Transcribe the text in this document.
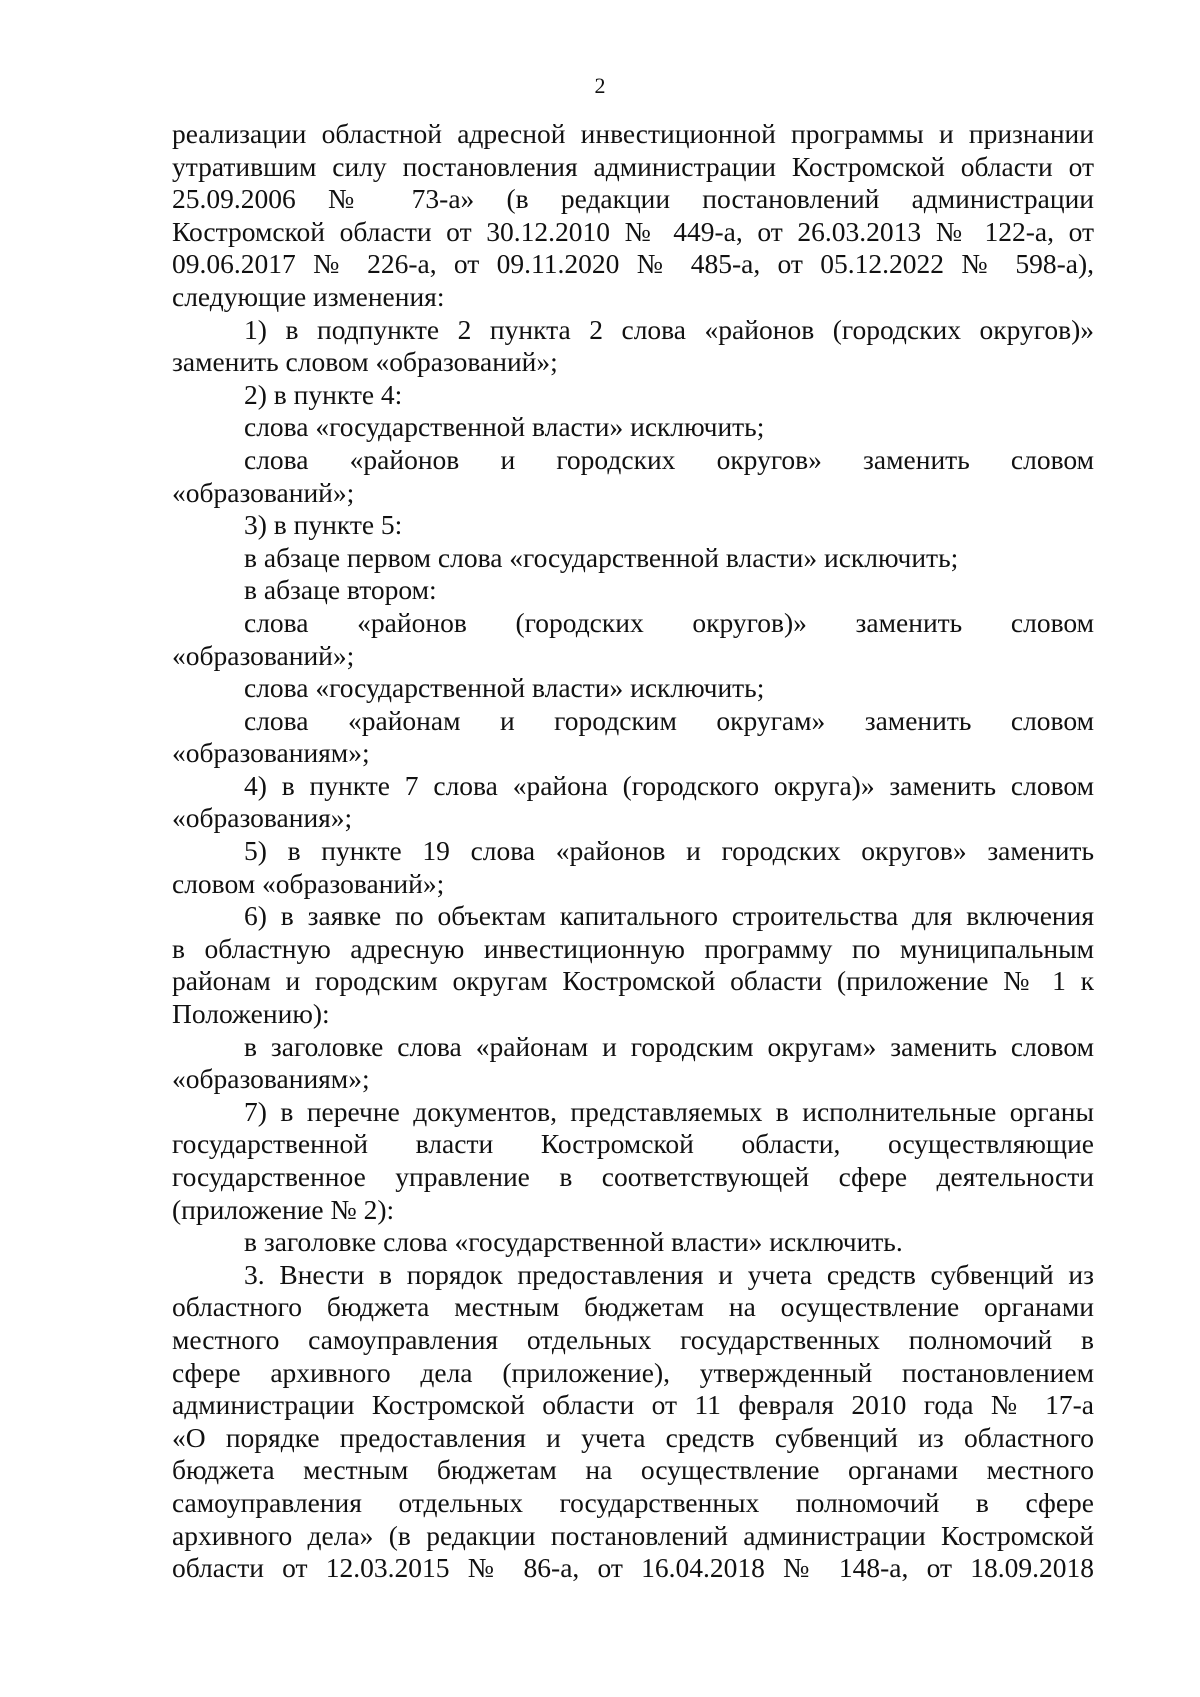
2
реализации областной адресной инвестиционной программы и признании
утратившим силу постановления администрации Костромской области от
25.09.2006 № 73-а» (в редакции постановлений администрации
Костромской области от 30.12.2010 № 449-а, от 26.03.2013 № 122-а, от
09.06.2017 № 226-а, от 09.11.2020 № 485-а, от 05.12.2022 № 598-а),
следующие изменения:
1) в подпункте 2 пункта 2 слова «районов (городских округов)»
заменить словом «образований»;
2) в пункте 4:
слова «государственной власти» исключить;
слова «районов и городских округов» заменить словом
«образований»;
3) в пункте 5:
в абзаце первом слова «государственной власти» исключить;
в абзаце втором:
слова «районов (городских округов)» заменить словом
«образований»;
слова «государственной власти» исключить;
слова «районам и городским округам» заменить словом
«образованиям»;
4) в пункте 7 слова «района (городского округа)» заменить словом
«образования»;
5) в пункте 19 слова «районов и городских округов» заменить
словом «образований»;
6) в заявке по объектам капитального строительства для включения
в областную адресную инвестиционную программу по муниципальным
районам и городским округам Костромской области (приложение № 1 к
Положению):
в заголовке слова «районам и городским округам» заменить словом
«образованиям»;
7) в перечне документов, представляемых в исполнительные органы
государственной власти Костромской области, осуществляющие
государственное управление в соответствующей сфере деятельности
(приложение № 2):
в заголовке слова «государственной власти» исключить.
3. Внести в порядок предоставления и учета средств субвенций из
областного бюджета местным бюджетам на осуществление органами
местного самоуправления отдельных государственных полномочий в
сфере архивного дела (приложение), утвержденный постановлением
администрации Костромской области от 11 февраля 2010 года № 17-а
«О порядке предоставления и учета средств субвенций из областного
бюджета местным бюджетам на осуществление органами местного
самоуправления отдельных государственных полномочий в сфере
архивного дела» (в редакции постановлений администрации Костромской
области от 12.03.2015 № 86-а, от 16.04.2018 № 148-а, от 18.09.2018
